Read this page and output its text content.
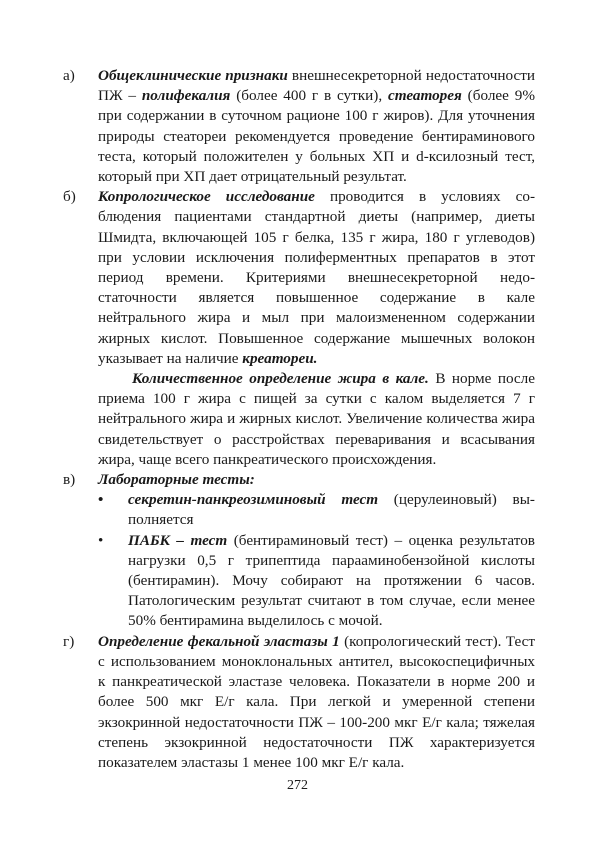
а)	Общеклинические признаки внешнесекреторной недостаточности ПЖ – полифекалия (более 400 г в сутки), стеаторея (более 9% при содержании в суточном рационе 100 г жиров). Для уточнения природы стеатореи рекомендуется проведение бентираминового теста, который положителен у больных ХП и d-ксилозный тест, который при ХП дает отрицательный результат.
б)	Копрологическое исследование проводится в условиях соблюдения пациентами стандартной диеты (например, диеты Шмидта, включающей 105 г белка, 135 г жира, 180 г углеводов) при условии исключения полиферментных препаратов в этот период времени. Критериями внешнесекреторной недостаточности является повышенное содержание в кале нейтрального жира и мыл при малоизмененном содержании жирных кислот. Повышенное содержание мышечных волокон указывает на наличие креатореи.
Количественное определение жира в кале. В норме после приема 100 г жира с пищей за сутки с калом выделяется 7 г нейтрального жира и жирных кислот. Увеличение количества жира свидетельствует о расстройствах переваривания и всасывания жира, чаще всего панкреатического происхождения.
в)	Лабораторные тесты:
•	секретин-панкреозиминовый тест (церулеиновый) выполняется
•	ПАБК – тест (бентираминовый тест) – оценка результатов нагрузки 0,5 г трипептида парааминобензойной кислоты (бентирамин). Мочу собирают на протяжении 6 часов. Патологическим результат считают в том случае, если менее 50% бентирамина выделилось с мочой.
г)	Определение фекальной эластазы 1 (копрологический тест). Тест с использованием моноклональных антител, высокоспецифичных к панкреатической эластазе человека. Показатели в норме 200 и более 500 мкг Е/г кала. При легкой и умеренной степени экзокринной недостаточности ПЖ – 100-200 мкг Е/г кала; тяжелая степень экзокринной недостаточности ПЖ характеризуется показателем эластазы 1 менее 100 мкг Е/г кала.
272
